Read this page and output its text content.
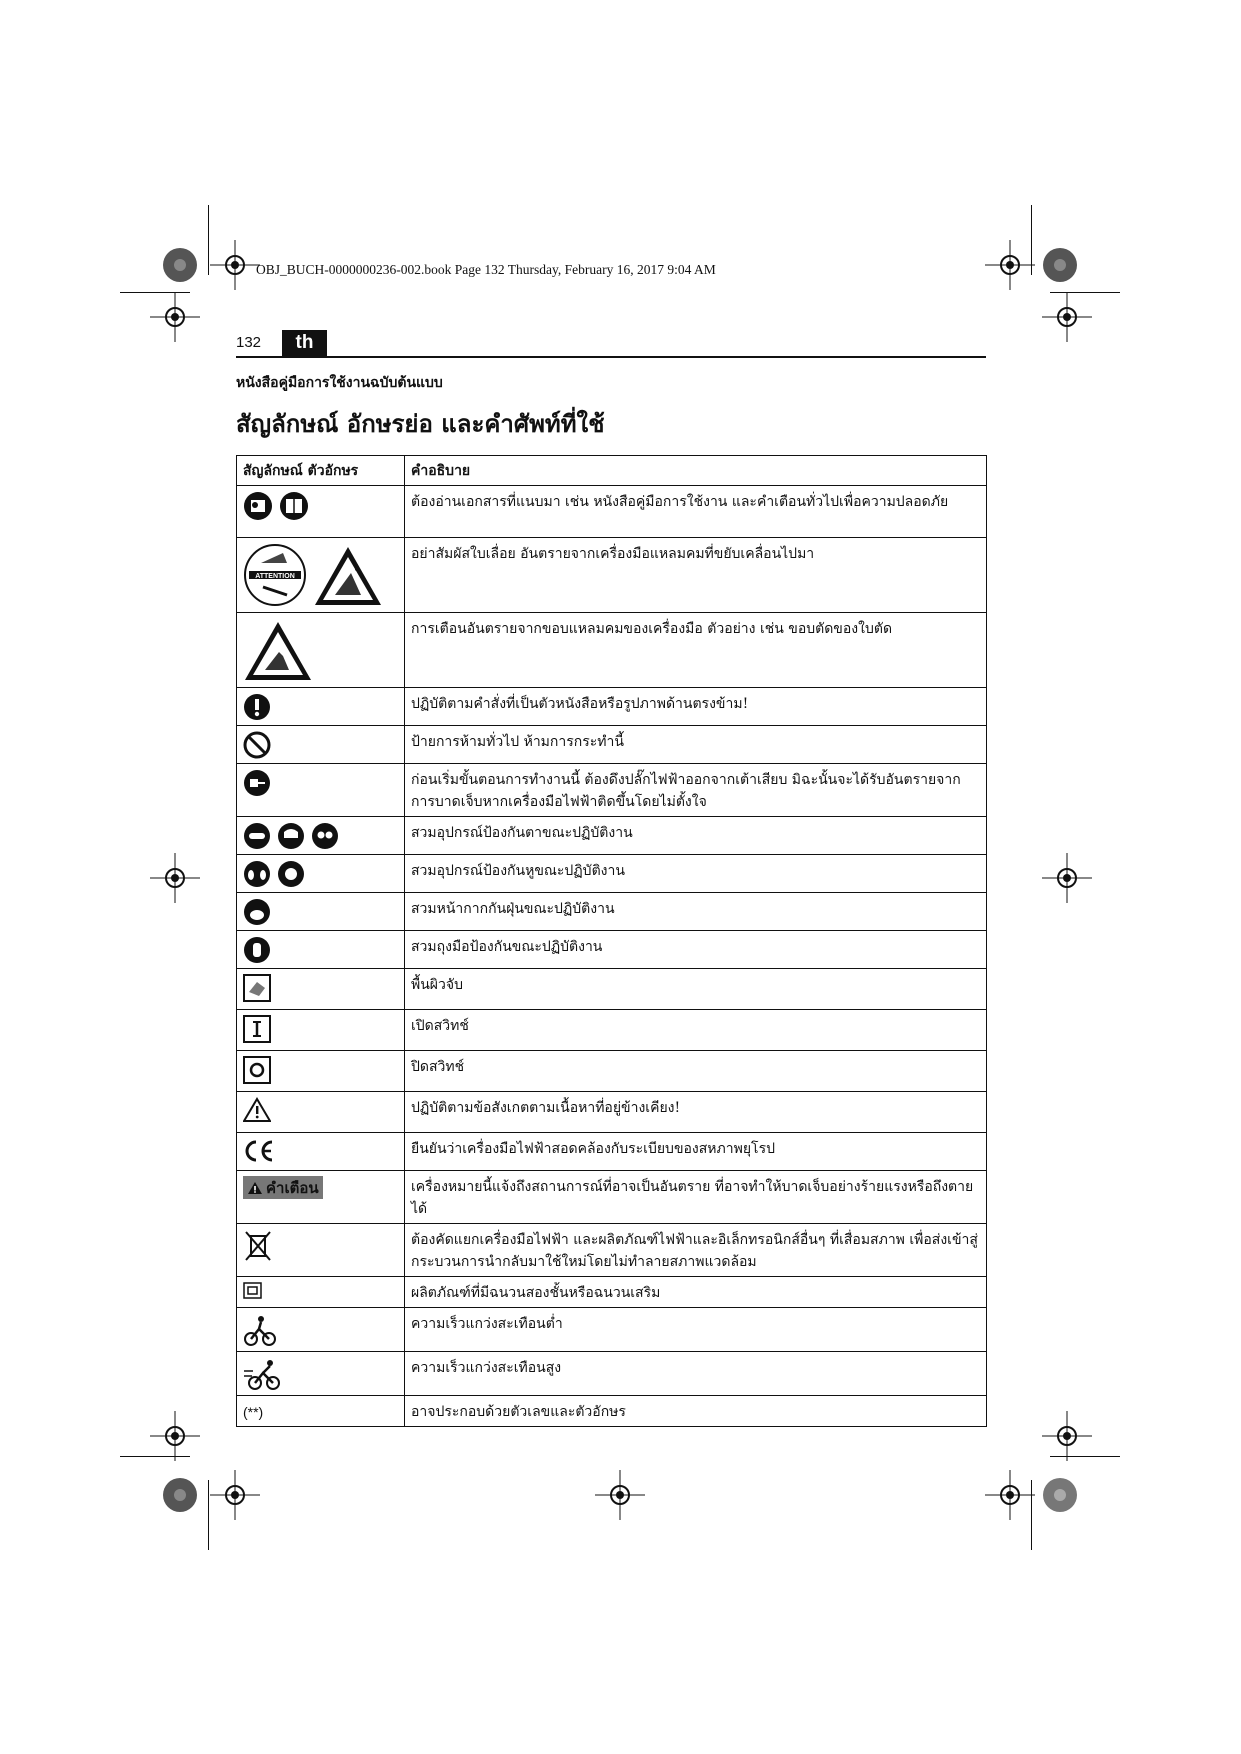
OBJ_BUCH-0000000236-002.book Page 132 Thursday, February 16, 2017 9:04 AM
132	th
หนังสือคู่มือการใช้งานฉบับต้นแบบ
สัญลักษณ์ อักษรย่อ และคำศัพท์ที่ใช้
สัญลักษณ์ ตัวอักษร	คำอธิบาย

	ต้องอ่านเอกสารที่แนบมา เช่น หนังสือคู่มือการใช้งาน และคำเตือนทั่วไปเพื่อความปลอดภัย

ATTENTION	อย่าสัมผัสใบเลื่อย อันตรายจากเครื่องมือแหลมคมที่ขยับเคลื่อนไปมา

	การเตือนอันตรายจากขอบแหลมคมของเครื่องมือ ตัวอย่าง เช่น ขอบตัดของใบตัด

	ปฏิบัติตามคำสั่งที่เป็นตัวหนังสือหรือรูปภาพด้านตรงข้าม!

	ป้ายการห้ามทั่วไป ห้ามการกระทำนี้

	ก่อนเริ่มขั้นตอนการทำงานนี้ ต้องดึงปลั๊กไฟฟ้าออกจากเต้าเสียบ มิฉะนั้นจะได้รับอันตรายจากการบาดเจ็บหากเครื่องมือไฟฟ้าติดขึ้นโดยไม่ตั้งใจ

	สวมอุปกรณ์ป้องกันตาขณะปฏิบัติงาน

	สวมอุปกรณ์ป้องกันหูขณะปฏิบัติงาน

	สวมหน้ากากกันฝุ่นขณะปฏิบัติงาน

	สวมถุงมือป้องกันขณะปฏิบัติงาน

	พื้นผิวจับ

	เปิดสวิทช์

	ปิดสวิทช์

	ปฏิบัติตามข้อสังเกตตามเนื้อหาที่อยู่ข้างเคียง!

	ยืนยันว่าเครื่องมือไฟฟ้าสอดคล้องกับระเบียบของสหภาพยุโรป

คำเตือน	เครื่องหมายนี้แจ้งถึงสถานการณ์ที่อาจเป็นอันตราย ที่อาจทำให้บาดเจ็บอย่างร้ายแรงหรือถึงตายได้

	ต้องคัดแยกเครื่องมือไฟฟ้า และผลิตภัณฑ์ไฟฟ้าและอิเล็กทรอนิกส์อื่นๆ ที่เสื่อมสภาพ เพื่อส่งเข้าสู่กระบวนการนำกลับมาใช้ใหม่โดยไม่ทำลายสภาพแวดล้อม

	ผลิตภัณฑ์ที่มีฉนวนสองชั้นหรือฉนวนเสริม

	ความเร็วแกว่งสะเทือนต่ำ

	ความเร็วแกว่งสะเทือนสูง
(**)	อาจประกอบด้วยตัวเลขและตัวอักษร
